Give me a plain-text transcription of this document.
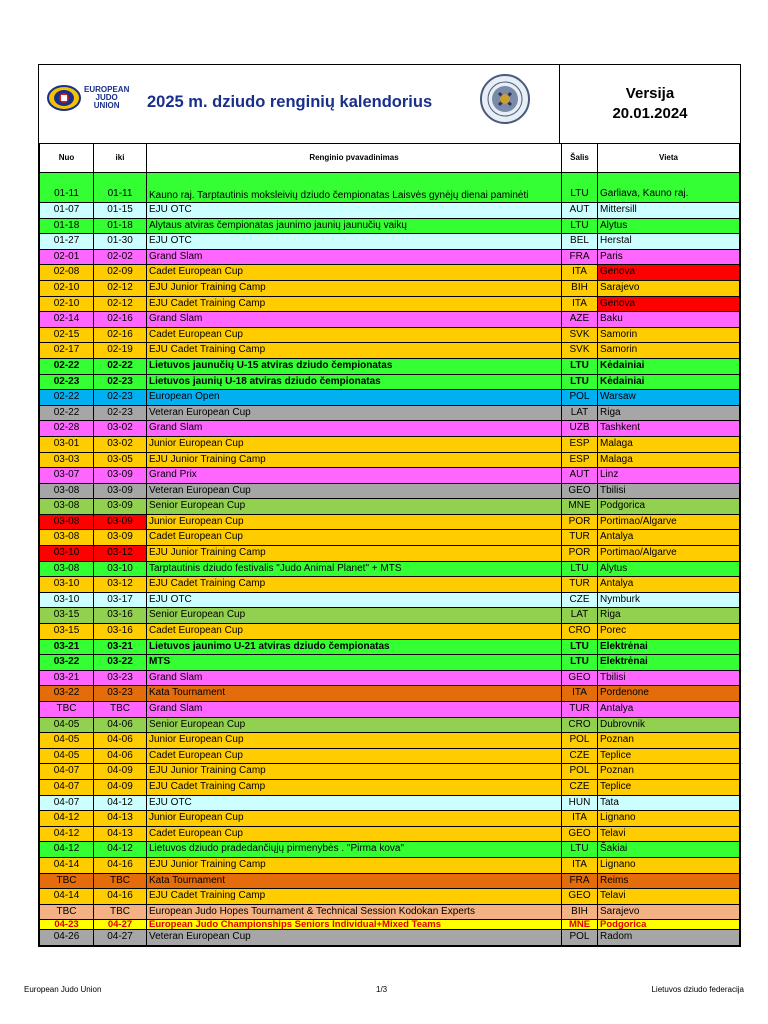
EUROPEAN
JUDO
UNION	2025 m. dziudo renginių kalendorius	Versija
20.01.2024
Nuo	iki	Renginio pvavadinimas	Šalis	Vieta
01-11	01-11	Kauno raj. Tarptautinis moksleivių dziudo čempionatas Laisvės gynėjų dienai paminėti	LTU	Garliava, Kauno raj.
01-07	01-15	EJU OTC	AUT	Mittersill
01-18	01-18	Alytaus atviras čempionatas jaunimo jaunių jaunučių vaikų	LTU	Alytus
01-27	01-30	EJU OTC	BEL	Herstal
02-01	02-02	Grand Slam	FRA	Paris
02-08	02-09	Cadet European Cup	ITA	Genova
02-10	02-12	EJU Junior Training Camp	BIH	Sarajevo
02-10	02-12	EJU Cadet Training Camp	ITA	Genova
02-14	02-16	Grand Slam	AZE	Baku
02-15	02-16	Cadet European Cup	SVK	Samorin
02-17	02-19	EJU Cadet Training Camp	SVK	Samorin
02-22	02-22	Lietuvos jaunučių U-15 atviras dziudo čempionatas	LTU	Kėdainiai
02-23	02-23	Lietuvos jaunių U-18 atviras dziudo čempionatas	LTU	Kėdainiai
02-22	02-23	European Open	POL	Warsaw
02-22	02-23	Veteran European Cup	LAT	Riga
02-28	03-02	Grand Slam	UZB	Tashkent
03-01	03-02	Junior European Cup	ESP	Malaga
03-03	03-05	EJU Junior Training Camp	ESP	Malaga
03-07	03-09	Grand Prix	AUT	Linz
03-08	03-09	Veteran European Cup	GEO	Tbilisi
03-08	03-09	Senior European Cup	MNE	Podgorica
03-08	03-09	Junior European Cup	POR	Portimao/Algarve
03-08	03-09	Cadet European Cup	TUR	Antalya
03-10	03-12	EJU Junior Training Camp	POR	Portimao/Algarve
03-08	03-10	Tarptautinis dziudo festivalis "Judo Animal Planet" + MTS	LTU	Alytus
03-10	03-12	EJU Cadet Training Camp	TUR	Antalya
03-10	03-17	EJU OTC	CZE	Nymburk
03-15	03-16	Senior European Cup	LAT	Riga
03-15	03-16	Cadet European Cup	CRO	Porec
03-21	03-21	Lietuvos jaunimo U-21 atviras dziudo čempionatas	LTU	Elektrėnai
03-22	03-22	MTS	LTU	Elektrėnai
03-21	03-23	Grand Slam	GEO	Tbilisi
03-22	03-23	Kata Tournament	ITA	Pordenone
TBC	TBC	Grand Slam	TUR	Antalya
04-05	04-06	Senior European Cup	CRO	Dubrovnik
04-05	04-06	Junior European Cup	POL	Poznan
04-05	04-06	Cadet European Cup	CZE	Teplice
04-07	04-09	EJU Junior Training Camp	POL	Poznan
04-07	04-09	EJU Cadet Training Camp	CZE	Teplice
04-07	04-12	EJU OTC	HUN	Tata
04-12	04-13	Junior European Cup	ITA	Lignano
04-12	04-13	Cadet European Cup	GEO	Telavi
04-12	04-12	Lietuvos dziudo pradedančiųjų pirmenybės . "Pirma kova"	LTU	Šakiai
04-14	04-16	EJU Junior Training Camp	ITA	Lignano
TBC	TBC	Kata Tournament	FRA	Reims
04-14	04-16	EJU Cadet Training Camp	GEO	Telavi
TBC	TBC	European Judo Hopes Tournament & Technical Session Kodokan Experts	BIH	Sarajevo
04-23	04-27	European Judo Championships Seniors Individual+Mixed Teams	MNE	Podgorica
04-26	04-27	Veteran European Cup	POL	Radom
European Judo Union	1/3	Lietuvos dziudo federacija
